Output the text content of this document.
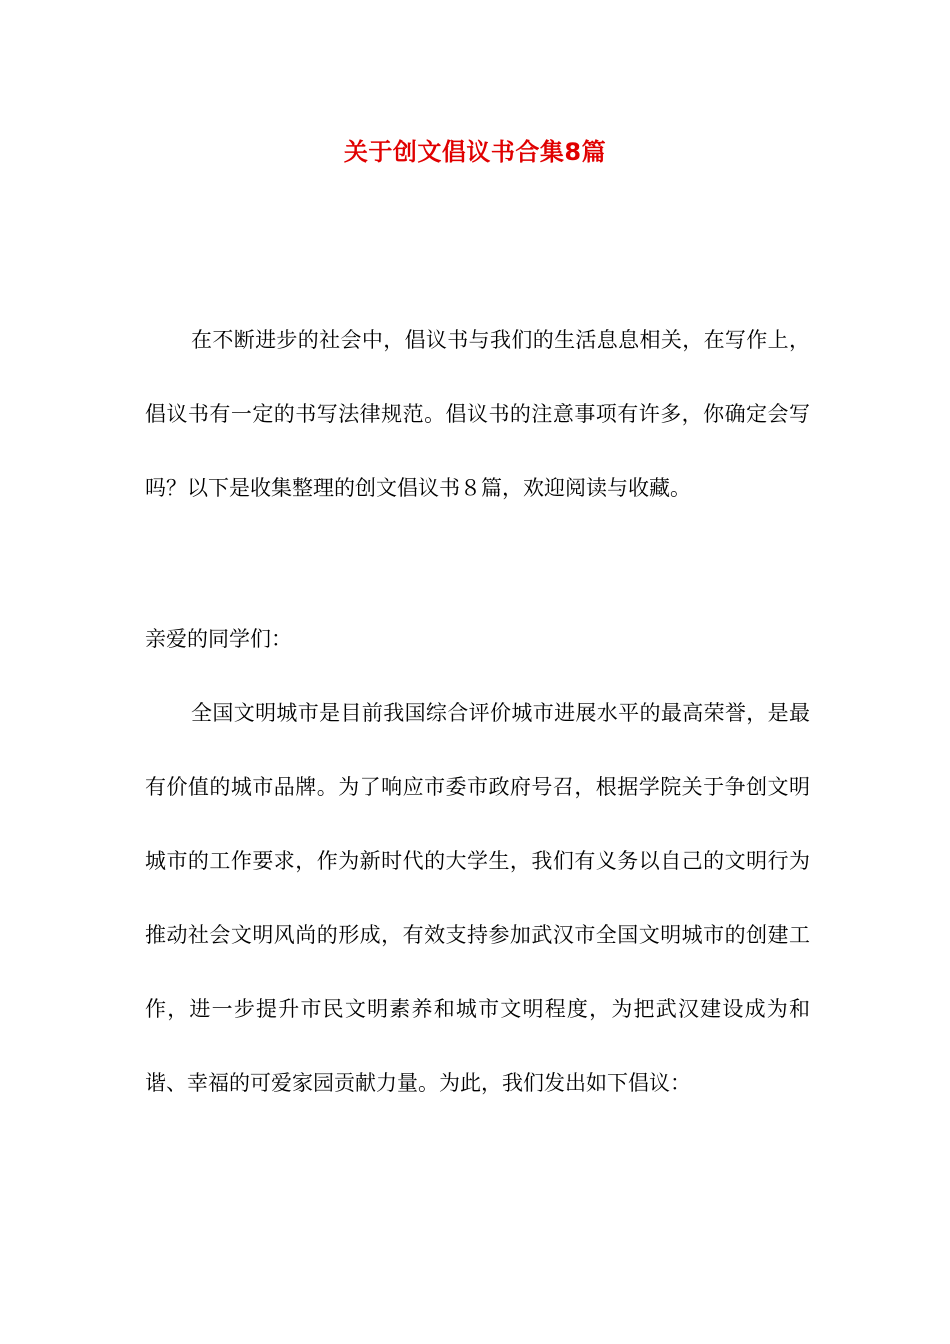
关于创文倡议书合集8篇

在不断进步的社会中，倡议书与我们的生活息息相关，在写作上，倡议书有一定的书写法律规范。倡议书的注意事项有许多，你确定会写吗？以下是收集整理的创文倡议书８篇，欢迎阅读与收藏。

亲爱的同学们：

全国文明城市是目前我国综合评价城市进展水平的最高荣誉，是最有价值的城市品牌。为了响应市委市政府号召，根据学院关于争创文明城市的工作要求，作为新时代的大学生，我们有义务以自己的文明行为推动社会文明风尚的形成，有效支持参加武汉市全国文明城市的创建工作，进一步提升市民文明素养和城市文明程度，为把武汉建设成为和谐、幸福的可爱家园贡献力量。为此，我们发出如下倡议：
